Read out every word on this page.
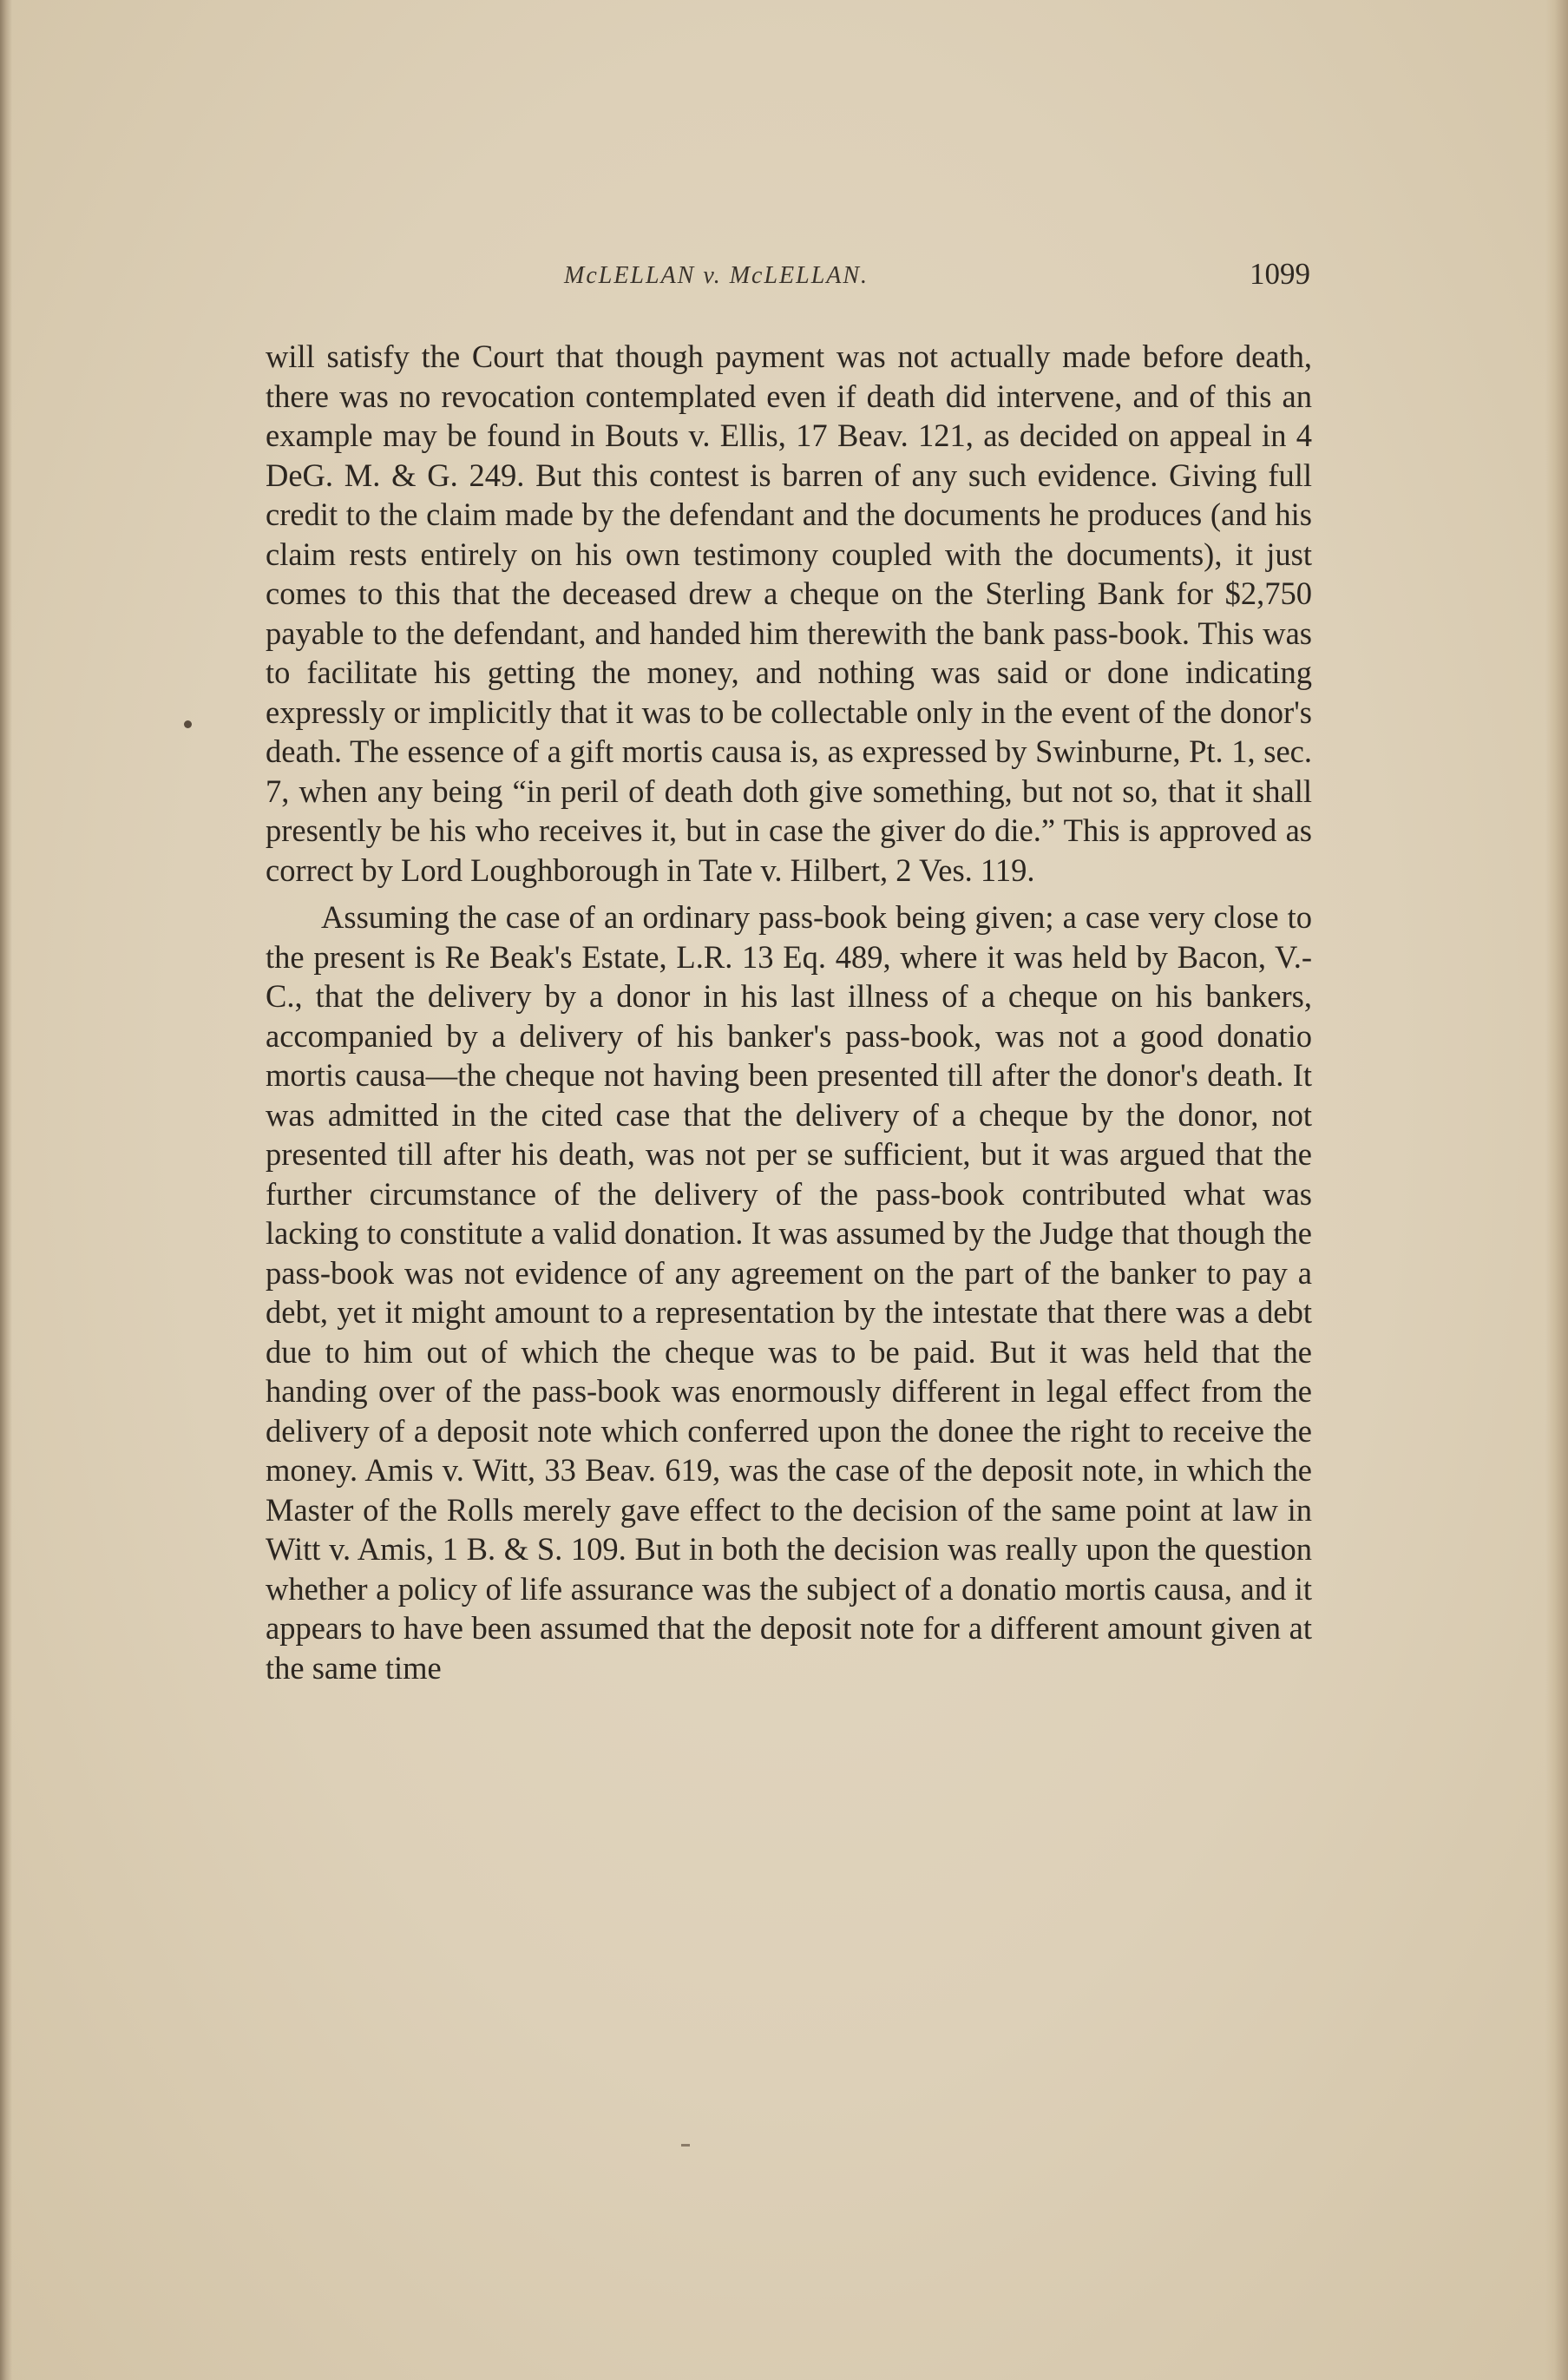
McLELLAN v. McLELLAN.	1099

will satisfy the Court that though payment was not actually made before death, there was no revocation contemplated even if death did intervene, and of this an example may be found in Bouts v. Ellis, 17 Beav. 121, as decided on appeal in 4 DeG. M. & G. 249. But this contest is barren of any such evidence. Giving full credit to the claim made by the defendant and the documents he produces (and his claim rests entirely on his own testimony coupled with the documents), it just comes to this that the deceased drew a cheque on the Sterling Bank for $2,750 payable to the defendant, and handed him therewith the bank pass-book. This was to facilitate his getting the money, and nothing was said or done indicating expressly or implicitly that it was to be collectable only in the event of the donor's death. The essence of a gift mortis causa is, as expressed by Swinburne, Pt. 1, sec. 7, when any being “in peril of death doth give something, but not so, that it shall presently be his who receives it, but in case the giver do die.” This is approved as correct by Lord Loughborough in Tate v. Hilbert, 2 Ves. 119.

Assuming the case of an ordinary pass-book being given; a case very close to the present is Re Beak's Estate, L.R. 13 Eq. 489, where it was held by Bacon, V.-C., that the delivery by a donor in his last illness of a cheque on his bankers, accompanied by a delivery of his banker's pass-book, was not a good donatio mortis causa—the cheque not having been presented till after the donor's death. It was admitted in the cited case that the delivery of a cheque by the donor, not presented till after his death, was not per se sufficient, but it was argued that the further circumstance of the delivery of the pass-book contributed what was lacking to constitute a valid donation. It was assumed by the Judge that though the pass-book was not evidence of any agreement on the part of the banker to pay a debt, yet it might amount to a representation by the intestate that there was a debt due to him out of which the cheque was to be paid. But it was held that the handing over of the pass-book was enormously different in legal effect from the delivery of a deposit note which conferred upon the donee the right to receive the money. Amis v. Witt, 33 Beav. 619, was the case of the deposit note, in which the Master of the Rolls merely gave effect to the decision of the same point at law in Witt v. Amis, 1 B. & S. 109. But in both the decision was really upon the question whether a policy of life assurance was the subject of a donatio mortis causa, and it appears to have been assumed that the deposit note for a different amount given at the same time
